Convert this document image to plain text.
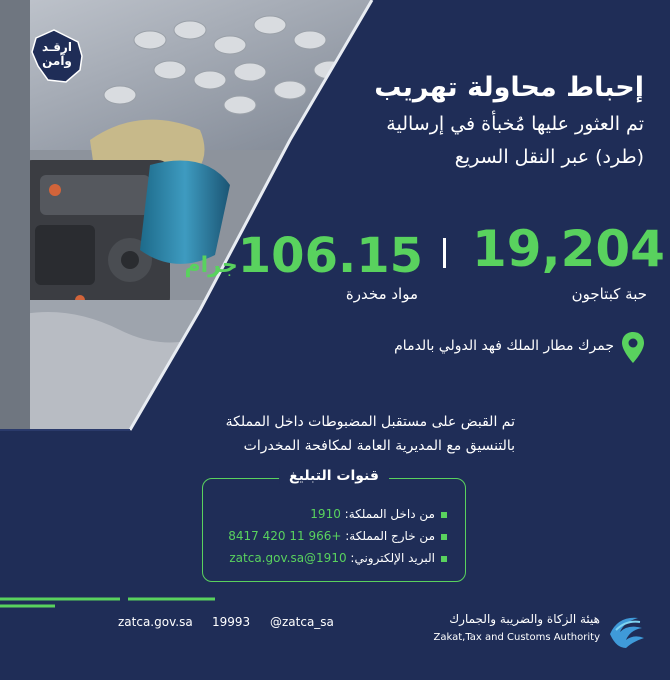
ارقـد
وآمن
إحباط محاولة تهريب
تم العثور عليها مُخبأة في إرسالية
(طرد) عبر النقل السريع
19,204
حبة كبتاجون
106.15جرام
مواد مخدرة
جمرك مطار الملك فهد الدولي بالدمام
تم القبض على مستقبل المضبوطات داخل المملكة
بالتنسيق مع المديرية العامة لمكافحة المخدرات
قنوات التبليغ
من داخل المملكة: 1910
من خارج المملكة: +966 11 420 8417
البريد الإلكتروني: 1910@zatca.gov.sa
zatca.gov.sa 19993 @zatca_sa	هيئة الزكاة والضريبة والجمارك
Zakat,Tax and Customs Authority
